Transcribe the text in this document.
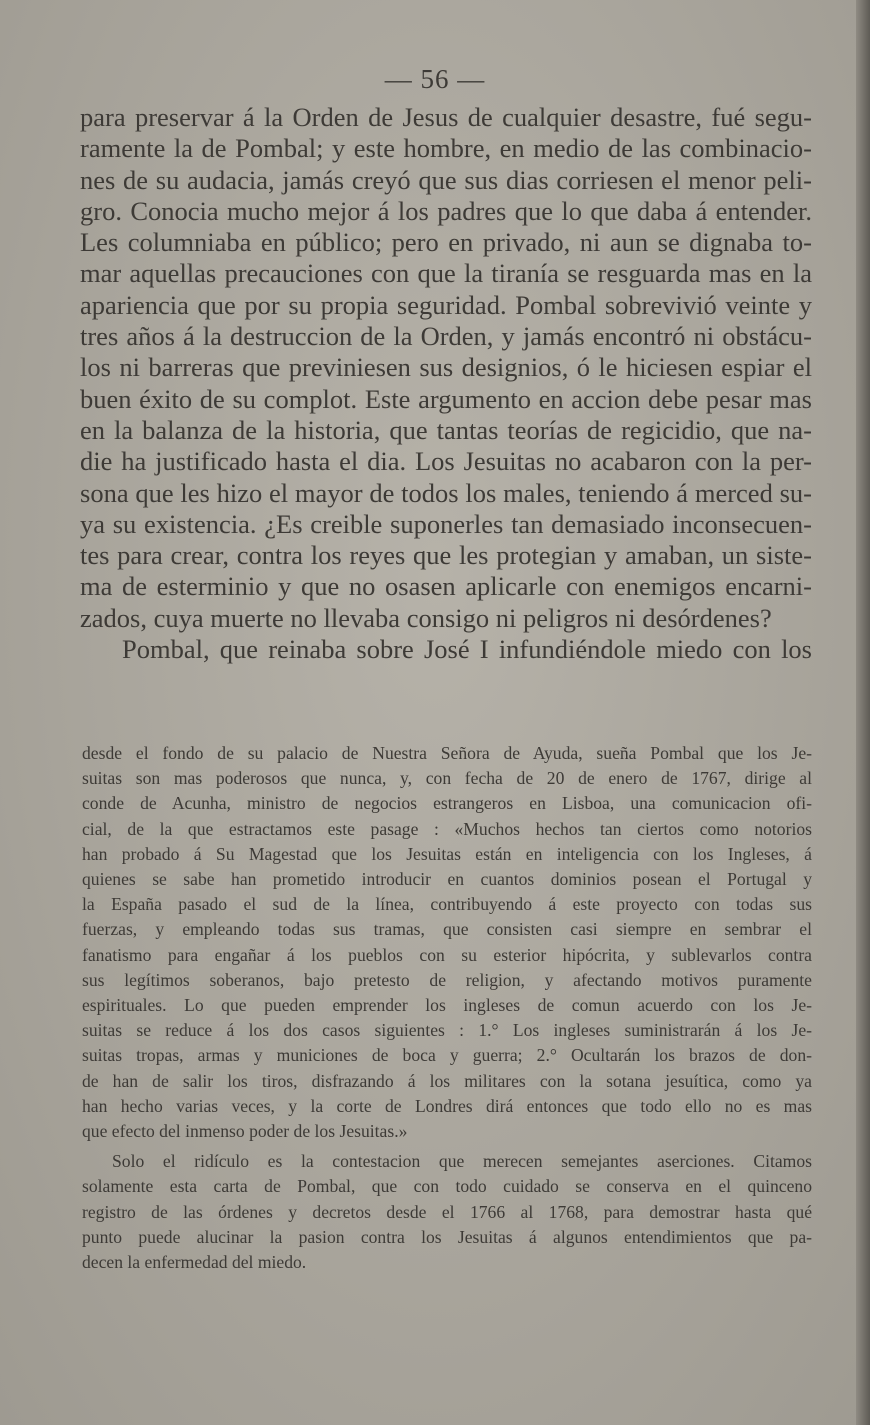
— 56 —
para preservar á la Orden de Jesus de cualquier desastre, fué segu-
ramente la de Pombal; y este hombre, en medio de las combinacio-
nes de su audacia, jamás creyó que sus dias corriesen el menor peli-
gro. Conocia mucho mejor á los padres que lo que daba á entender.
Les columniaba en público; pero en privado, ni aun se dignaba to-
mar aquellas precauciones con que la tiranía se resguarda mas en la
apariencia que por su propia seguridad. Pombal sobrevivió veinte y
tres años á la destruccion de la Orden, y jamás encontró ni obstácu-
los ni barreras que previniesen sus designios, ó le hiciesen espiar el
buen éxito de su complot. Este argumento en accion debe pesar mas
en la balanza de la historia, que tantas teorías de regicidio, que na-
die ha justificado hasta el dia. Los Jesuitas no acabaron con la per-
sona que les hizo el mayor de todos los males, teniendo á merced su-
ya su existencia. ¿Es creible suponerles tan demasiado inconsecuen-
tes para crear, contra los reyes que les protegian y amaban, un siste-
ma de esterminio y que no osasen aplicarle con enemigos encarni-
zados, cuya muerte no llevaba consigo ni peligros ni desórdenes?
Pombal, que reinaba sobre José I infundiéndole miedo con los
desde el fondo de su palacio de Nuestra Señora de Ayuda, sueña Pombal que los Je-
suitas son mas poderosos que nunca, y, con fecha de 20 de enero de 1767, dirige al
conde de Acunha, ministro de negocios estrangeros en Lisboa, una comunicacion ofi-
cial, de la que estractamos este pasage : «Muchos hechos tan ciertos como notorios
han probado á Su Magestad que los Jesuitas están en inteligencia con los Ingleses, á
quienes se sabe han prometido introducir en cuantos dominios posean el Portugal y
la España pasado el sud de la línea, contribuyendo á este proyecto con todas sus
fuerzas, y empleando todas sus tramas, que consisten casi siempre en sembrar el
fanatismo para engañar á los pueblos con su esterior hipócrita, y sublevarlos contra
sus legítimos soberanos, bajo pretesto de religion, y afectando motivos puramente
espirituales. Lo que pueden emprender los ingleses de comun acuerdo con los Je-
suitas se reduce á los dos casos siguientes : 1.° Los ingleses suministrarán á los Je-
suitas tropas, armas y municiones de boca y guerra; 2.° Ocultarán los brazos de don-
de han de salir los tiros, disfrazando á los militares con la sotana jesuítica, como ya
han hecho varias veces, y la corte de Londres dirá entonces que todo ello no es mas
que efecto del inmenso poder de los Jesuitas.»
Solo el ridículo es la contestacion que merecen semejantes aserciones. Citamos
solamente esta carta de Pombal, que con todo cuidado se conserva en el quinceno
registro de las órdenes y decretos desde el 1766 al 1768, para demostrar hasta qué
punto puede alucinar la pasion contra los Jesuitas á algunos entendimientos que pa-
decen la enfermedad del miedo.
